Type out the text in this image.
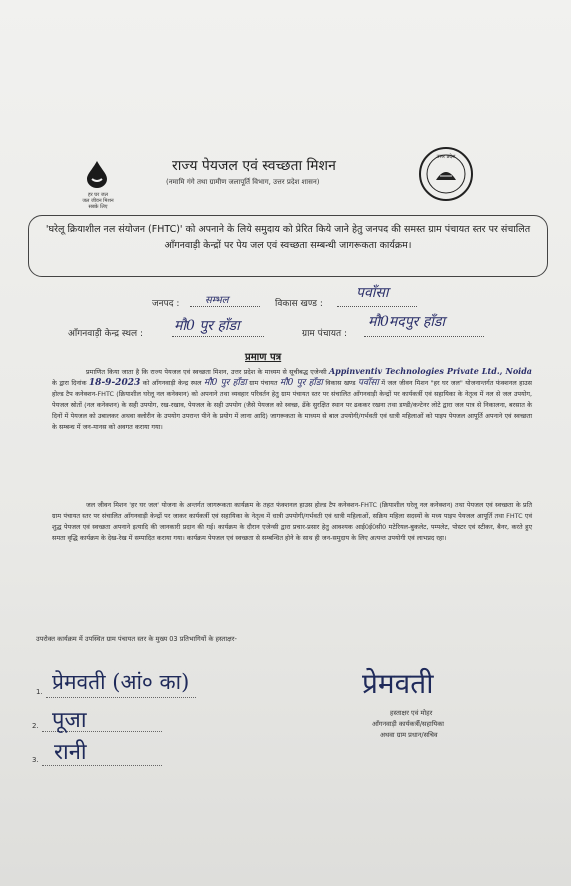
हर घर जल
जल जीवन मिशन
सबके लिए
राज्य पेयजल एवं स्वच्छता मिशन
(नमामि गंगे तथा ग्रामीण जलापूर्ति विभाग, उत्तर प्रदेश शासन)
उत्तर प्रदेश
'घरेलू क्रियाशील नल संयोजन (FHTC)' को अपनाने के लिये समुदाय को प्रेरित किये जाने हेतु जनपद की समस्त ग्राम पंचायत स्तर पर संचालित आँगनवाड़ी केन्द्रों पर पेय जल एवं स्वच्छता सम्बन्धी जागरूकता कार्यक्रम।
जनपद :	सम्भल	विकास खण्ड :
पवाँसा
आँगनवाड़ी केन्द्र स्थल : मौ0 पुर हाँडा	ग्राम पंचायत :
मौ0मदपुर हाँडा
प्रमाण पत्र

प्रमाणित किया जाता है कि राज्य पेयजल एवं स्वच्छता मिशन, उत्तर प्रदेश के माध्यम से सूचीबद्ध एजेन्सी Appinventiv Technologies Private Ltd., Noida के द्वारा दिनांक 18-9-2023 को आँगनवाड़ी केन्द्र स्थल मौ0 पुर हाँडा ग्राम पंचायत मौ0 पुर हाँडा विकास खण्ड पवाँसा में जल जीवन मिशन "हर घर जल" योजनान्तर्गत फंक्शनल हाउस होल्ड टैप कनेक्शन-FHTC (क्रियाशील घरेलू नल कनेक्शन) को अपनाने तथा व्यवहार परिवर्तन हेतु ग्राम पंचायत स्तर पर संचालित आँगनवाड़ी केन्द्रों पर कार्यकर्त्री एवं सहायिका के नेतृत्व में नल से जल उपयोग, पेयजल स्रोतों (नल कनेक्शन) के सही उपयोग, रख-रखाव, पेयजल के सही उपयोग (जैसे पेयजल को स्वच्छ, ढँके सुरक्षित स्थान पर ढककर रखना तथा डण्डी/कन्टेनर लोटे द्वारा जल पात्र से निकालना, बरसात के दिनों में पेयजल को उबालकर अथवा क्लोरीन के उपयोग उपरान्त पीने के प्रयोग में लाना आदि) जागरूकता के माध्यम से बाल उपयोगी/गर्भवती एवं धात्री महिलाओं को पाइप पेयजल आपूर्ति अपनाने एवं स्वच्छता के सम्बन्ध में जन-मानस को अवगत कराया गया।

जल जीवन मिशन 'हर घर जल' योजना के अन्तर्गत जागरूकता कार्यक्रम के तहत फंक्शनल हाउस होल्ड टैप कनेक्शन-FHTC (क्रियाशील घरेलू नल कनेक्शन) तथा पेयजल एवं स्वच्छता के प्रति ग्राम पंचायत स्तर पर संचालित आँगनवाड़ी केन्द्रों पर जाकर कार्यकर्त्री एवं सहायिका के नेतृत्व में धात्री उपयोगी/गर्भवती एवं धात्री महिलाओं, सक्रिय महिला सदस्यों के मध्य पाइप पेयजल आपूर्ति तथा FHTC एवं शुद्ध पेयजल एवं स्वच्छता अपनाने इत्यादि की जानकारी प्रदान की गई। कार्यक्रम के दौरान एजेन्सी द्वारा प्रचार-प्रसार हेतु आवश्यक आई0ई0सी0 मटेरियल-बुकलेट, पम्पलेट, पोस्टर एवं स्टीकर, बैनर, करते हुए समता वृद्धि कार्यक्रम के देख-रेख में सम्पादित कराया गया। कार्यक्रम पेयजल एवं स्वच्छता से सम्बन्धित होने के साथ ही जन-समुदाय के लिए अत्यन्त उपयोगी एवं लाभप्रद रहा।

उपरोक्त कार्यक्रम में उपस्थित ग्राम पंचायत स्तर के मुख्य 03 प्रतिभागियों के हस्ताक्षर-
1. प्रेमवती (आं० का)
2. पूजा
3. रानी
प्रेमवती
हस्ताक्षर एवं मोहर
आँगनवाड़ी कार्यकर्त्री/सहायिका
अथवा ग्राम प्रधान/सचिव
